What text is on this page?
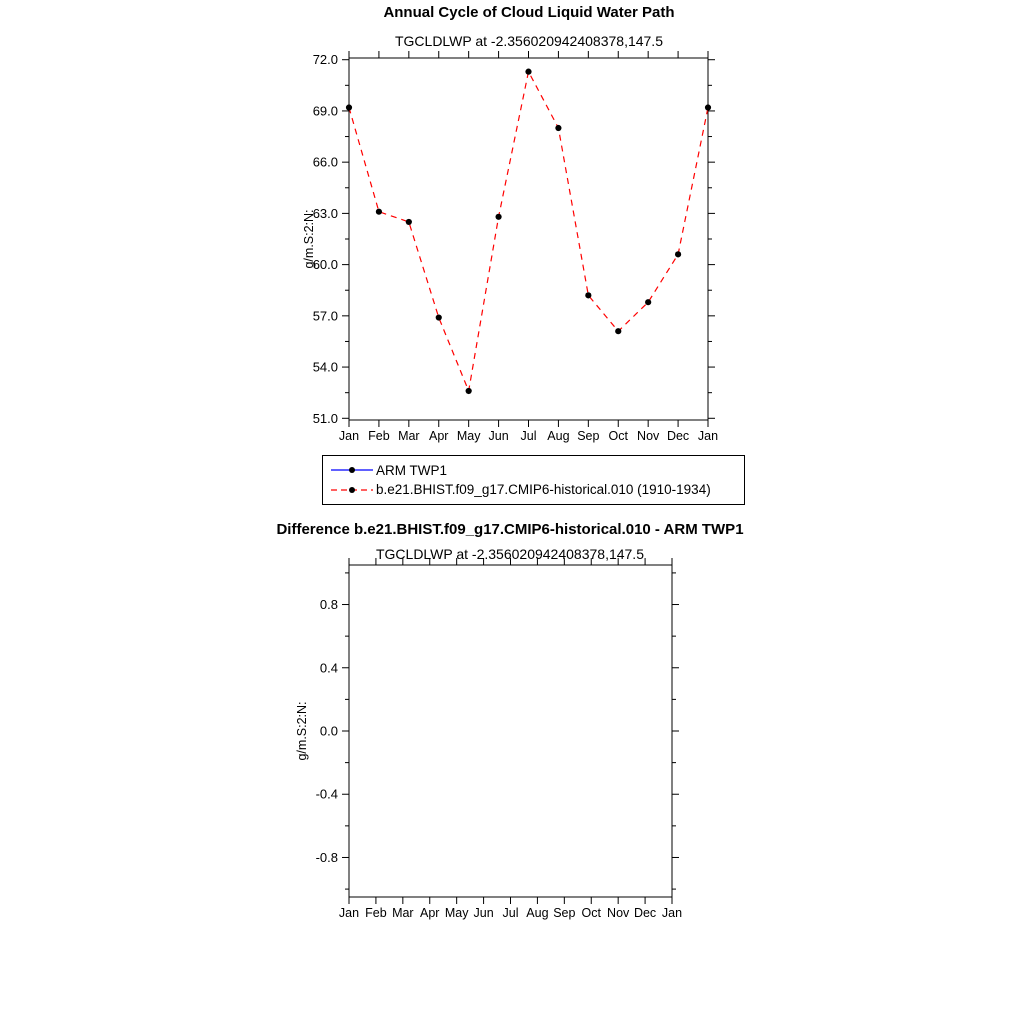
Annual Cycle of Cloud Liquid Water Path
TGCLDLWP at -2.356020942408378,147.5
g/m.S:2:N:
Jan Feb Mar Apr May Jun Jul Aug Sep Oct Nov Dec Jan
51.0
54.0
57.0
60.0
63.0
66.0
69.0
72.0
Jan Feb Mar Apr May Jun Jul Aug Sep Oct Nov Dec Jan
-0.8
-0.4
0.0
0.4
0.8
ARM TWP1
b.e21.BHIST.f09_g17.CMIP6-historical.010 (1910-1934)
Difference b.e21.BHIST.f09_g17.CMIP6-historical.010 - ARM TWP1
TGCLDLWP at -2.356020942408378,147.5
g/m.S:2:N:
